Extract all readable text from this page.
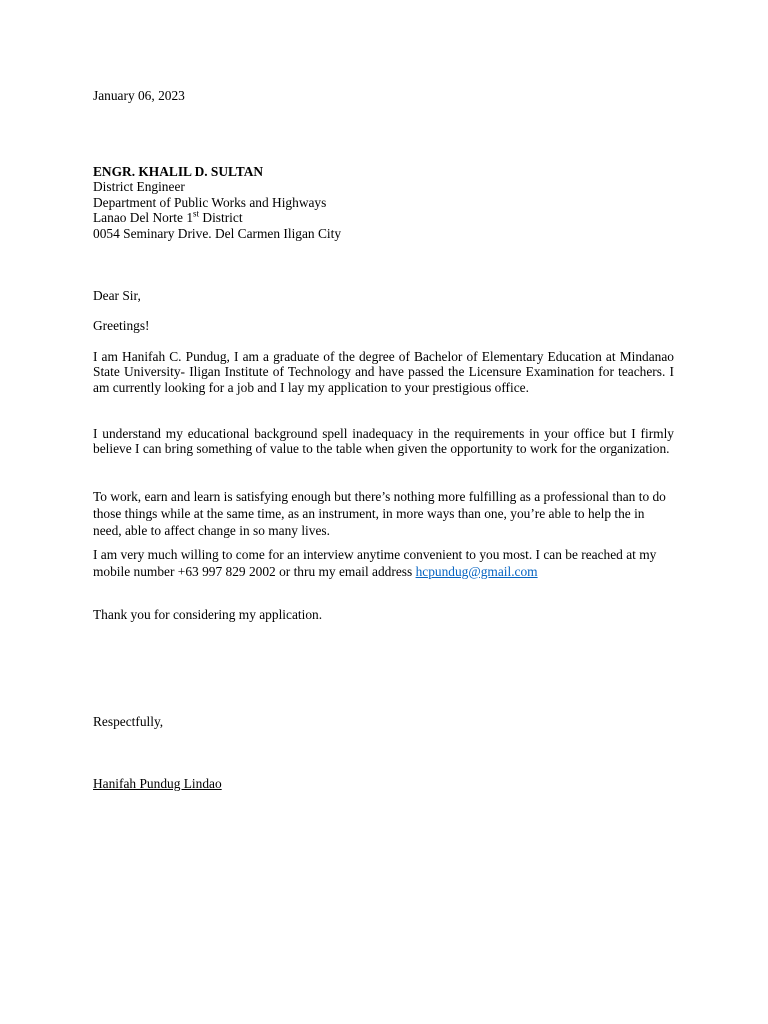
January 06, 2023

ENGR. KHALIL D. SULTAN
District Engineer
Department of Public Works and Highways
Lanao Del Norte 1st District
0054 Seminary Drive. Del Carmen Iligan City

Dear Sir,

Greetings!

I am Hanifah C. Pundug, I am a graduate of the degree of Bachelor of Elementary Education at Mindanao State University- Iligan Institute of Technology and have passed the Licensure Examination for teachers. I am currently looking for a job and I lay my application to your prestigious office.

I understand my educational background spell inadequacy in the requirements in your office but I firmly believe I can bring something of value to the table when given the opportunity to work for the organization.

To work, earn and learn is satisfying enough but there’s nothing more fulfilling as a professional than to do those things while at the same time, as an instrument, in more ways than one, you’re able to help the in need, able to affect change in so many lives.

I am very much willing to come for an interview anytime convenient to you most. I can be reached at my mobile number +63 997 829 2002 or thru my email address hcpundug@gmail.com

Thank you for considering my application.

Respectfully,

Hanifah Pundug Lindao
